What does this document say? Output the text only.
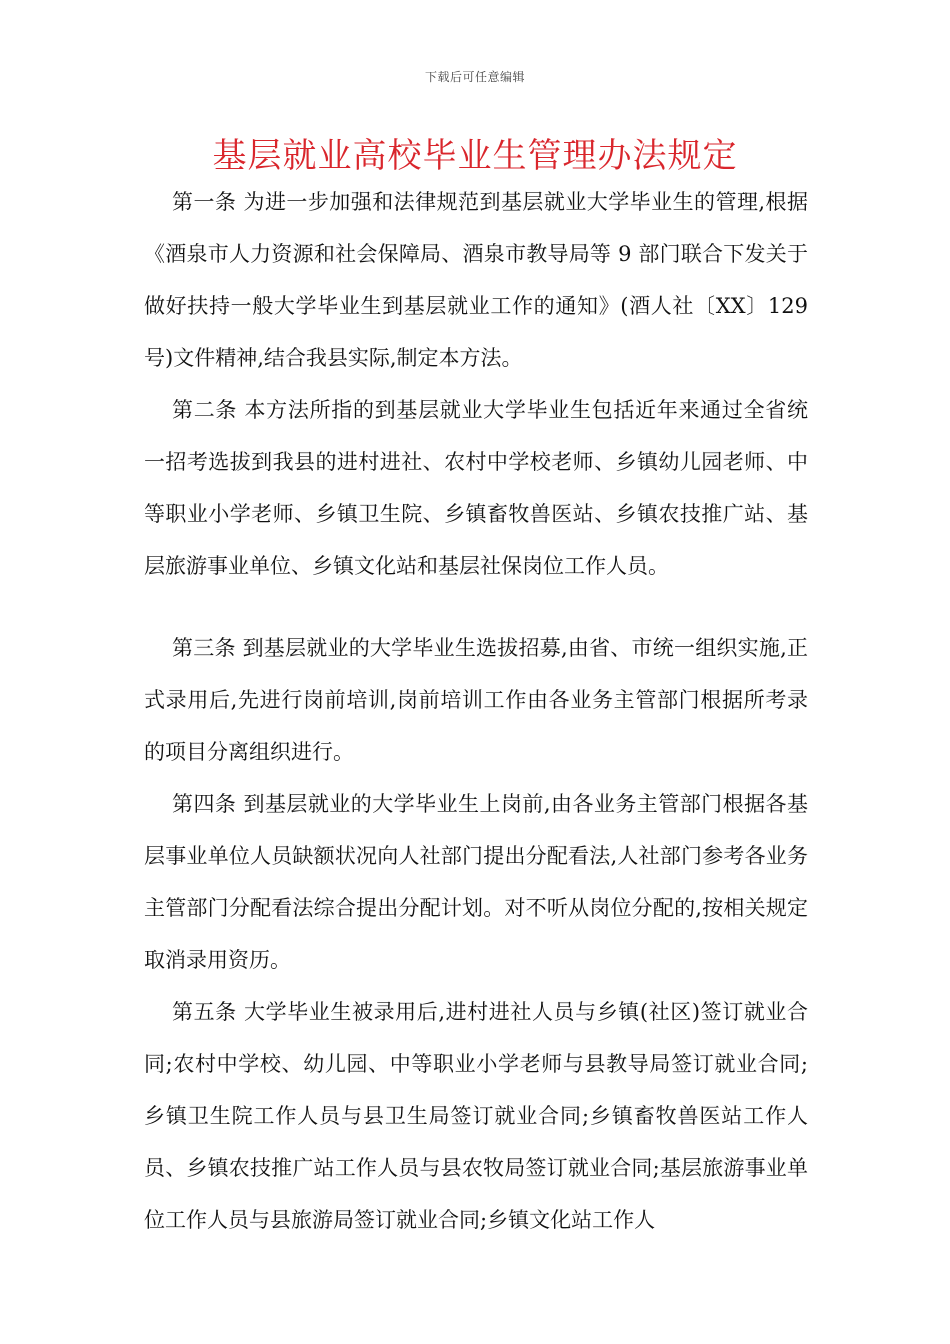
下载后可任意编辑
基层就业高校毕业生管理办法规定

第一条 为进一步加强和法律规范到基层就业大学毕业生的管理,根据《酒泉市人力资源和社会保障局、酒泉市教导局等 9 部门联合下发关于做好扶持一般大学毕业生到基层就业工作的通知》(酒人社〔XX〕129 号)文件精神,结合我县实际,制定本方法。

第二条 本方法所指的到基层就业大学毕业生包括近年来通过全省统一招考选拔到我县的进村进社、农村中学校老师、乡镇幼儿园老师、中等职业小学老师、乡镇卫生院、乡镇畜牧兽医站、乡镇农技推广站、基层旅游事业单位、乡镇文化站和基层社保岗位工作人员。

第三条 到基层就业的大学毕业生选拔招募,由省、市统一组织实施,正式录用后,先进行岗前培训,岗前培训工作由各业务主管部门根据所考录的项目分离组织进行。

第四条 到基层就业的大学毕业生上岗前,由各业务主管部门根据各基层事业单位人员缺额状况向人社部门提出分配看法,人社部门参考各业务主管部门分配看法综合提出分配计划。对不听从岗位分配的,按相关规定取消录用资历。

第五条 大学毕业生被录用后,进村进社人员与乡镇(社区)签订就业合同;农村中学校、幼儿园、中等职业小学老师与县教导局签订就业合同;乡镇卫生院工作人员与县卫生局签订就业合同;乡镇畜牧兽医站工作人员、乡镇农技推广站工作人员与县农牧局签订就业合同;基层旅游事业单位工作人员与县旅游局签订就业合同;乡镇文化站工作人
